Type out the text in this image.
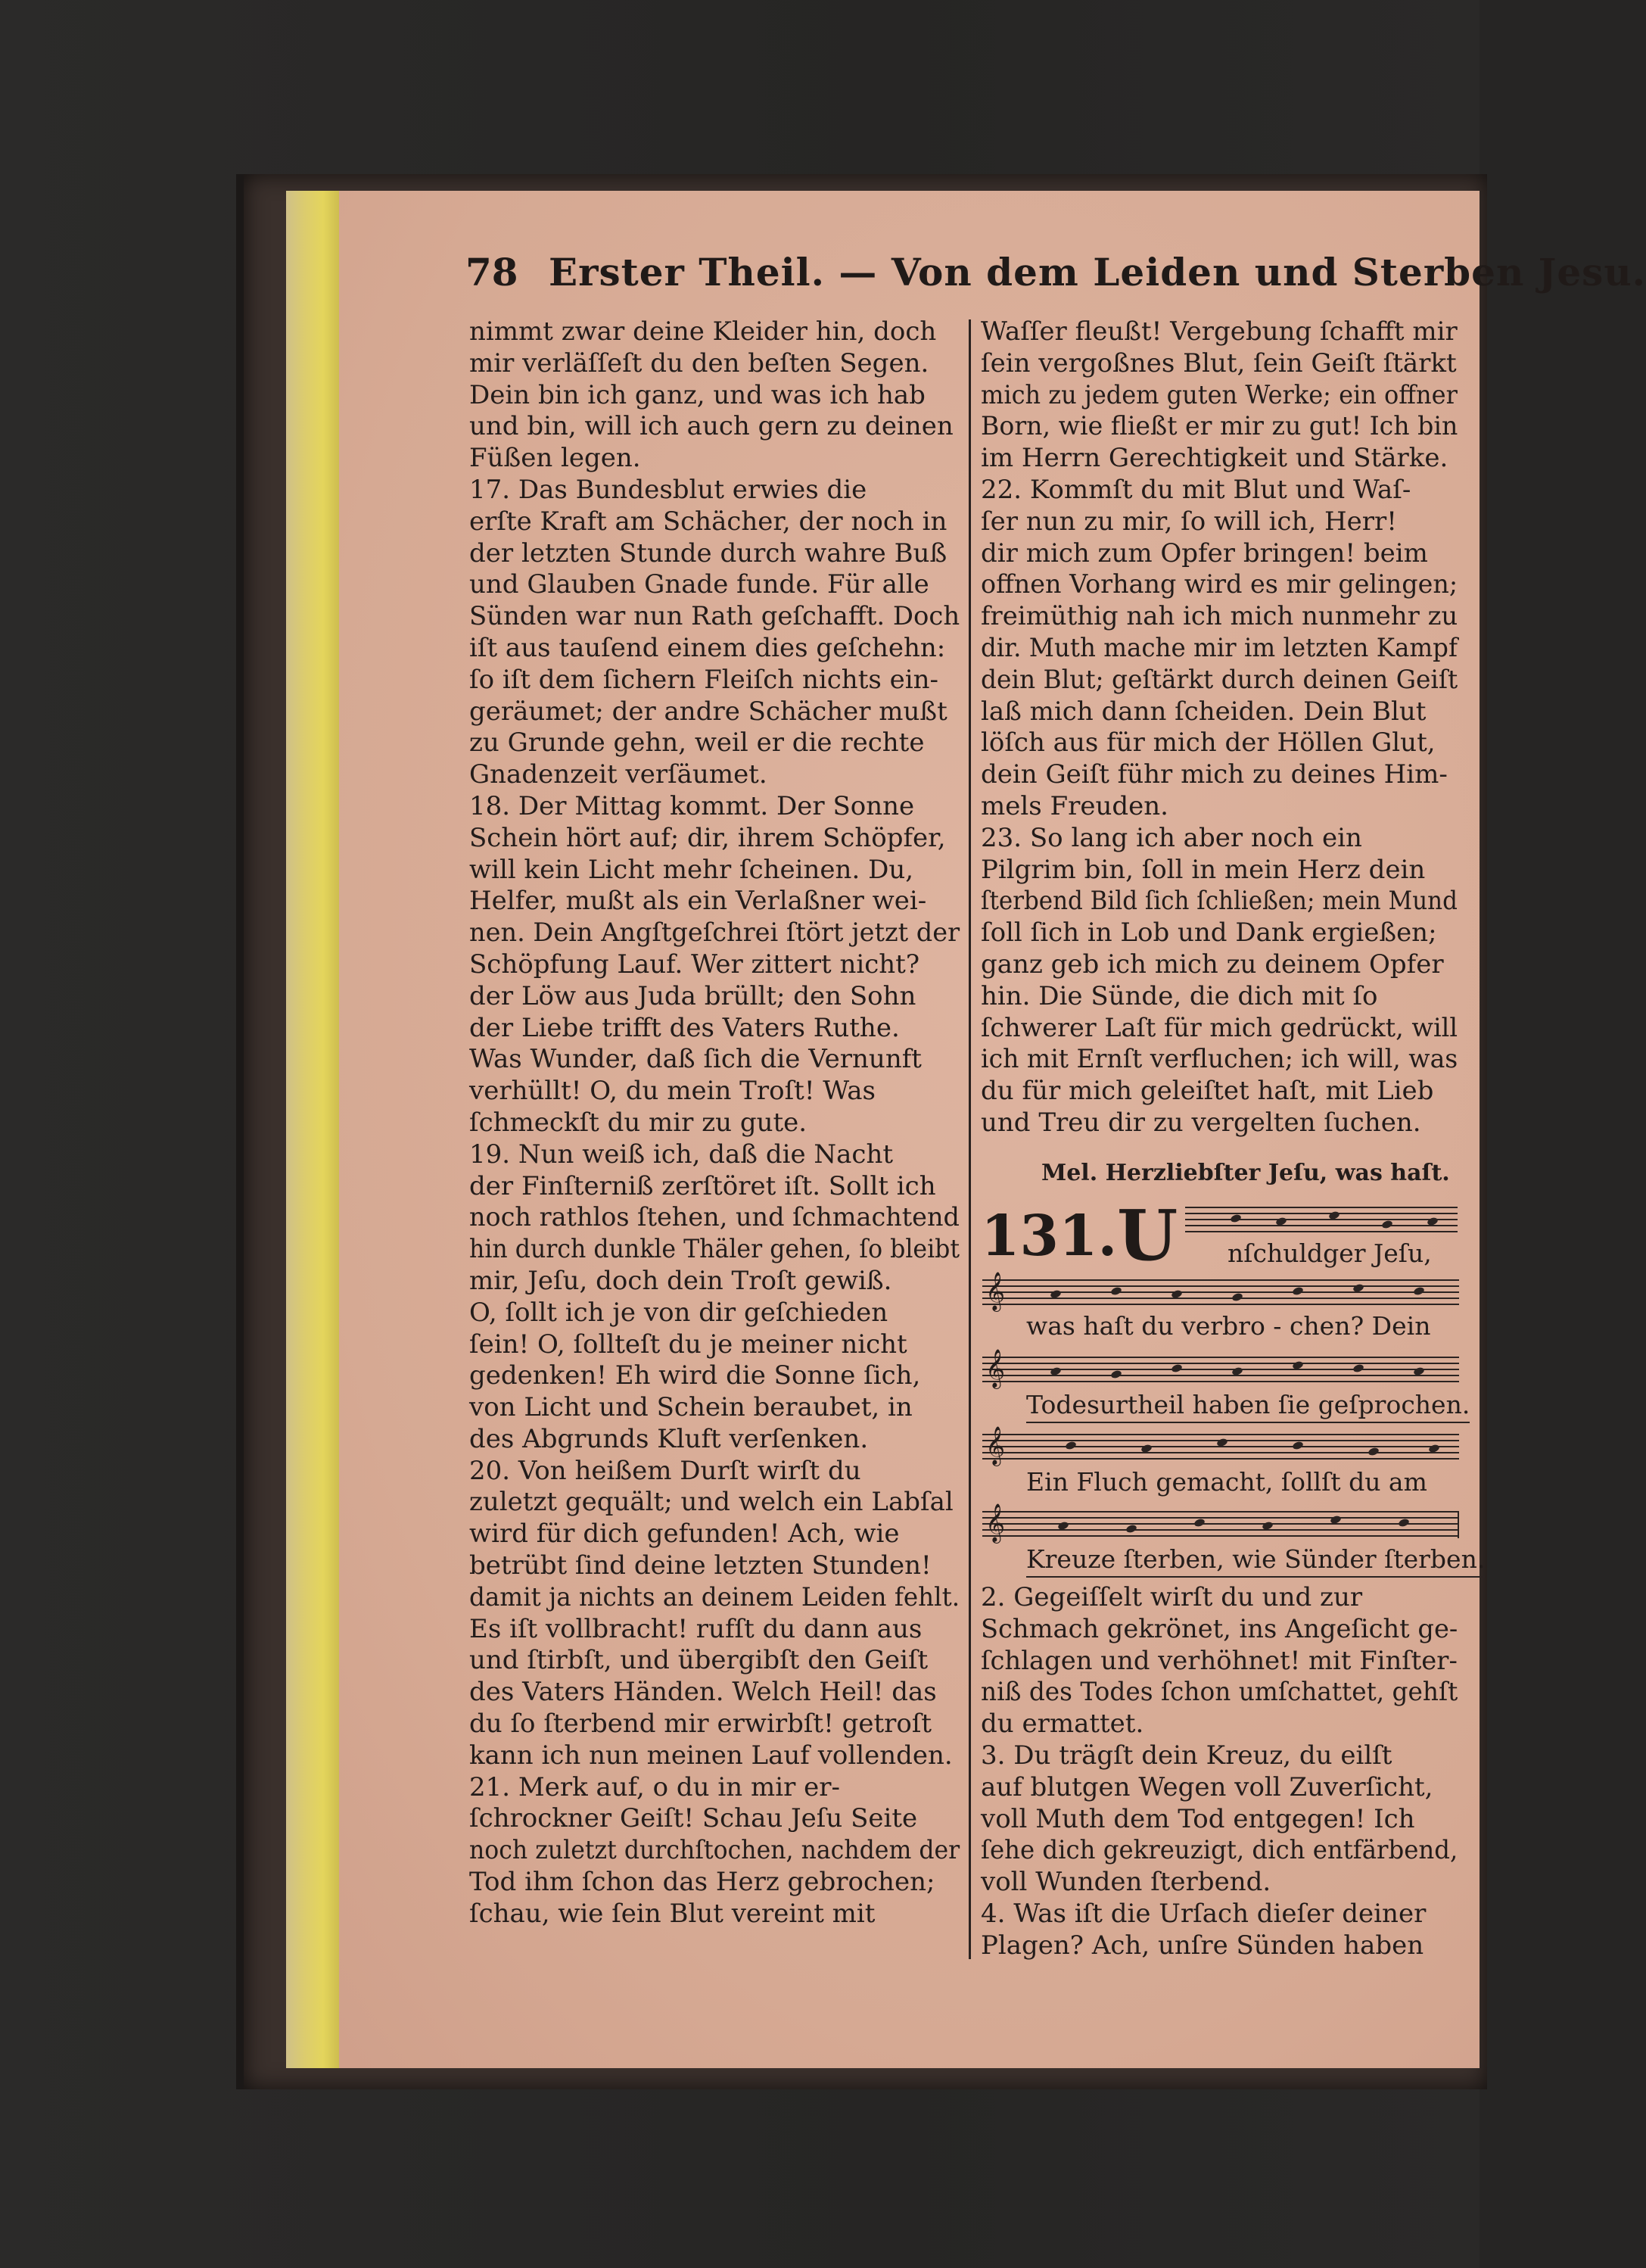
78 Erster Theil. — Von dem Leiden und Sterben Jesu.
nimmt zwar deine Kleider hin, doch
mir verläſſeſt du den beſten Segen.
Dein bin ich ganz, und was ich hab
und bin, will ich auch gern zu deinen
Füßen legen.
17. Das Bundesblut erwies die
erſte Kraft am Schächer, der noch in
der letzten Stunde durch wahre Buß
und Glauben Gnade funde. Für alle
Sünden war nun Rath geſchafft. Doch
iſt aus tauſend einem dies geſchehn:
ſo iſt dem ſichern Fleiſch nichts ein-
geräumet; der andre Schächer mußt
zu Grunde gehn, weil er die rechte
Gnadenzeit verſäumet.
18. Der Mittag kommt. Der Sonne
Schein hört auf; dir, ihrem Schöpfer,
will kein Licht mehr ſcheinen. Du,
Helfer, mußt als ein Verlaßner wei-
nen. Dein Angſtgeſchrei ſtört jetzt der
Schöpfung Lauf. Wer zittert nicht?
der Löw aus Juda brüllt; den Sohn
der Liebe trifft des Vaters Ruthe.
Was Wunder, daß ſich die Vernunft
verhüllt! O, du mein Troſt! Was
ſchmeckſt du mir zu gute.
19. Nun weiß ich, daß die Nacht
der Finſterniß zerſtöret iſt. Sollt ich
noch rathlos ſtehen, und ſchmachtend
hin durch dunkle Thäler gehen, ſo bleibt
mir, Jeſu, doch dein Troſt gewiß.
O, ſollt ich je von dir geſchieden
ſein! O, ſollteſt du je meiner nicht
gedenken! Eh wird die Sonne ſich,
von Licht und Schein beraubet, in
des Abgrunds Kluft verſenken.
20. Von heißem Durſt wirſt du
zuletzt gequält; und welch ein Labſal
wird für dich gefunden! Ach, wie
betrübt ſind deine letzten Stunden!
damit ja nichts an deinem Leiden fehlt.
Es iſt vollbracht! rufſt du dann aus
und ſtirbſt, und übergibſt den Geiſt
des Vaters Händen. Welch Heil! das
du ſo ſterbend mir erwirbſt! getroſt
kann ich nun meinen Lauf vollenden.
21. Merk auf, o du in mir er-
ſchrockner Geiſt! Schau Jeſu Seite
noch zuletzt durchſtochen, nachdem der
Tod ihm ſchon das Herz gebrochen;
ſchau, wie ſein Blut vereint mit
Waſſer fleußt! Vergebung ſchafft mir
ſein vergoßnes Blut, ſein Geiſt ſtärkt
mich zu jedem guten Werke; ein offner
Born, wie fließt er mir zu gut! Ich bin
im Herrn Gerechtigkeit und Stärke.
22. Kommſt du mit Blut und Waſ-
ſer nun zu mir, ſo will ich, Herr!
dir mich zum Opfer bringen! beim
offnen Vorhang wird es mir gelingen;
freimüthig nah ich mich nunmehr zu
dir. Muth mache mir im letzten Kampf
dein Blut; geſtärkt durch deinen Geiſt
laß mich dann ſcheiden. Dein Blut
löſch aus für mich der Höllen Glut,
dein Geiſt führ mich zu deines Him-
mels Freuden.
23. So lang ich aber noch ein
Pilgrim bin, ſoll in mein Herz dein
ſterbend Bild ſich ſchließen; mein Mund
ſoll ſich in Lob und Dank ergießen;
ganz geb ich mich zu deinem Opfer
hin. Die Sünde, die dich mit ſo
ſchwerer Laſt für mich gedrückt, will
ich mit Ernſt verfluchen; ich will, was
du für mich geleiſtet haſt, mit Lieb
und Treu dir zu vergelten ſuchen.
Mel. Herzliebſter Jeſu, was haſt.
131. U	nſchuldger Jeſu,
𝄞
was haſt du verbro - chen? Dein
𝄞
Todesurtheil haben ſie geſprochen.
𝄞
Ein Fluch gemacht, ſollſt du am
𝄞
Kreuze ſterben, wie Sünder ſterben.
2. Gegeiſſelt wirſt du und zur
Schmach gekrönet, ins Angeſicht ge-
ſchlagen und verhöhnet! mit Finſter-
niß des Todes ſchon umſchattet, gehſt
du ermattet.
3. Du trägſt dein Kreuz, du eilſt
auf blutgen Wegen voll Zuverſicht,
voll Muth dem Tod entgegen! Ich
ſehe dich gekreuzigt, dich entfärbend,
voll Wunden ſterbend.
4. Was iſt die Urſach dieſer deiner
Plagen? Ach, unſre Sünden haben
